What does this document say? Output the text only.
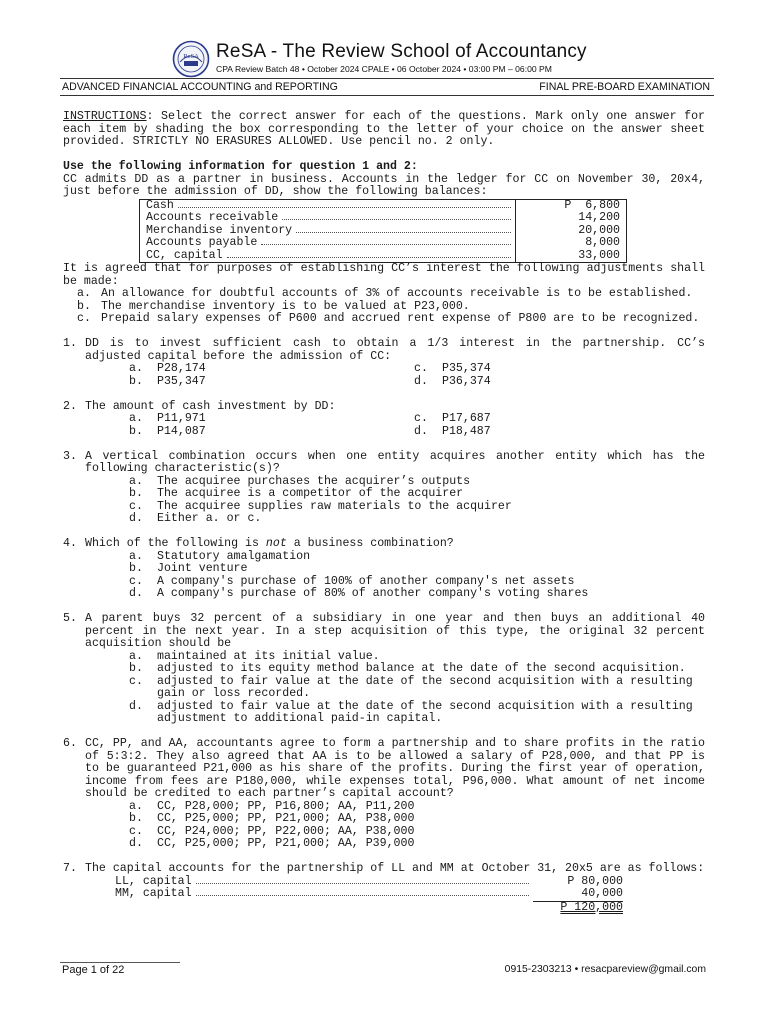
ReSA ReSA - The Review School of Accountancy
CPA Review Batch 48 • October 2024 CPALE • 06 October 2024 • 03:00 PM – 06:00 PM
ADVANCED FINANCIAL ACCOUNTING and REPORTING	FINAL PRE-BOARD EXAMINATION

INSTRUCTIONS: Select the correct answer for each of the questions. Mark only one answer for each item by shading the box corresponding to the letter of your choice on the answer sheet provided. STRICTLY NO ERASURES ALLOWED. Use pencil no. 2 only.

Use the following information for question 1 and 2:

CC admits DD as a partner in business. Accounts in the ledger for CC on November 30, 20x4, just before the admission of DD, show the following balances:

Cash	P  6,800
Accounts receivable	14,200
Merchandise inventory	20,000
Accounts payable	8,000
CC, capital	33,000

It is agreed that for purposes of establishing CC’s interest the following adjustments shall be made:

a. An allowance for doubtful accounts of 3% of accounts receivable is to be established.
b. The merchandise inventory is to be valued at P23,000.
c. Prepaid salary expenses of P600 and accrued rent expense of P800 are to be recognized.
1. DD is to invest sufficient cash to obtain a 1/3 interest in the partnership. CC’s adjusted capital before the admission of CC:
a.	P28,174	c.	P35,374
b.	P35,347	d.	P36,374
2. The amount of cash investment by DD:
a.	P11,971	c.	P17,687
b.	P14,087	d.	P18,487
3. A vertical combination occurs when one entity acquires another entity which has the following characteristic(s)?
a.	The acquiree purchases the acquirer’s outputs
b.	The acquiree is a competitor of the acquirer
c.	The acquiree supplies raw materials to the acquirer
d.	Either a. or c.
4. Which of the following is not a business combination?
a.	Statutory amalgamation
b.	Joint venture
c.	A company's purchase of 100% of another company's net assets
d.	A company's purchase of 80% of another company's voting shares
5. A parent buys 32 percent of a subsidiary in one year and then buys an additional 40 percent in the next year. In a step acquisition of this type, the original 32 percent acquisition should be
a.	maintained at its initial value.
b.	adjusted to its equity method balance at the date of the second acquisition.
c.	adjusted to fair value at the date of the second acquisition with a resulting gain or loss recorded.
d.	adjusted to fair value at the date of the second acquisition with a resulting adjustment to additional paid-in capital.
6. CC, PP, and AA, accountants agree to form a partnership and to share profits in the ratio of 5:3:2. They also agreed that AA is to be allowed a salary of P28,000, and that PP is to be guaranteed P21,000 as his share of the profits. During the first year of operation, income from fees are P180,000, while expenses total, P96,000. What amount of net income should be credited to each partner’s capital account?
a.	CC, P28,000; PP, P16,800; AA, P11,200
b.	CC, P25,000; PP, P21,000; AA, P38,000
c.	CC, P24,000; PP, P22,000; AA, P38,000
d.	CC, P25,000; PP, P21,000; AA, P39,000
7. The capital accounts for the partnership of LL and MM at October 31, 20x5 are as follows:
LL, capital	P 80,000
MM, capital	40,000
P 120,000
Page 1 of 22	0915-2303213 • resacpareview@gmail.com
